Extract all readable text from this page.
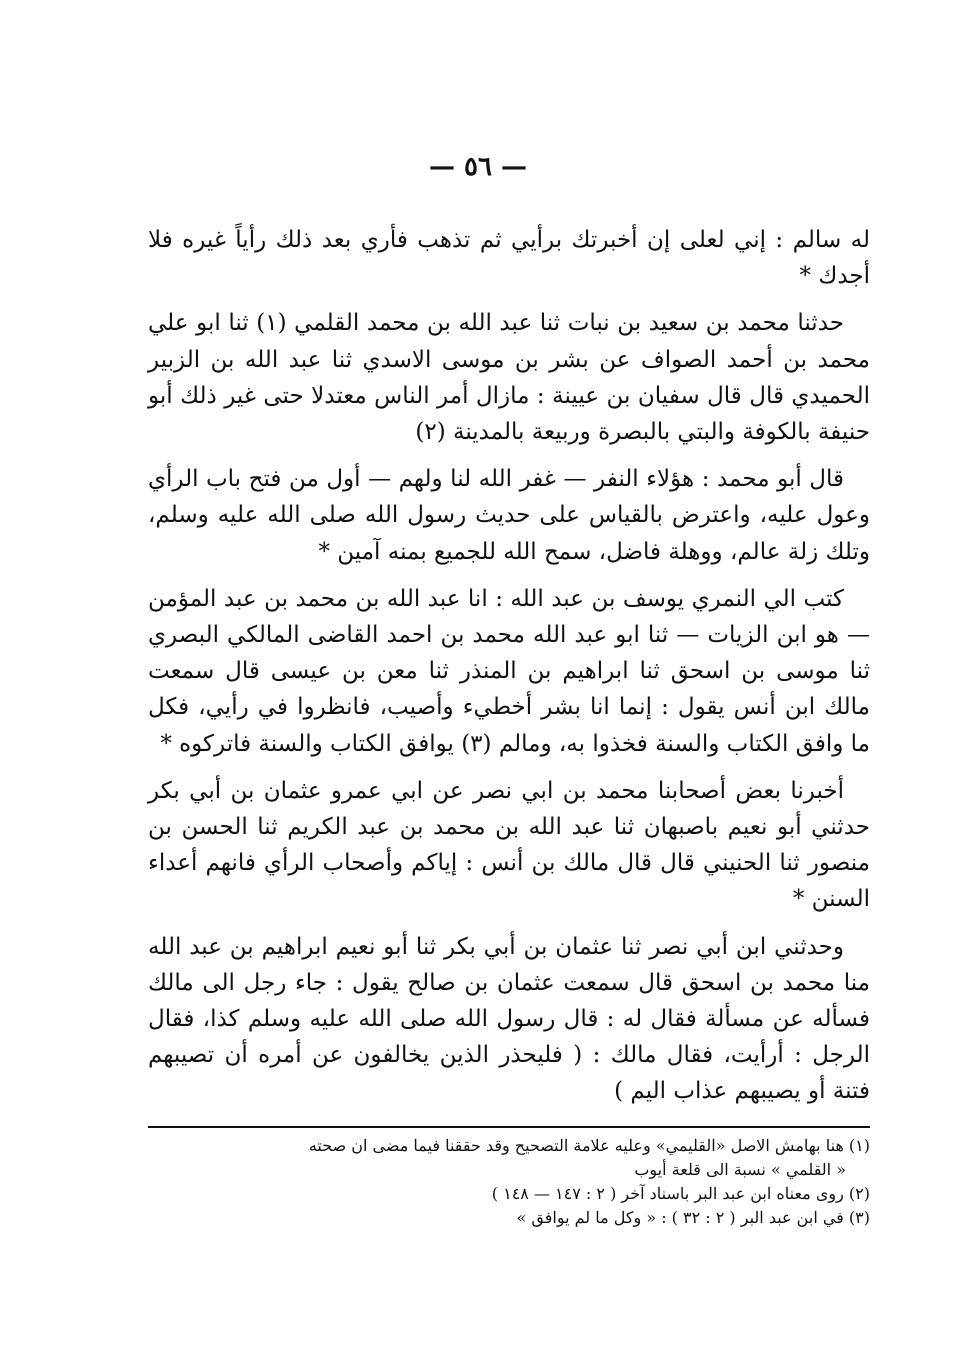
— ٥٦ —

له سالم : إني لعلى إن أخبرتك برأيي ثم تذهب فأري بعد ذلك رأياً غيره فلا أجدك *

حدثنا محمد بن سعيد بن نبات ثنا عبد الله بن محمد القلمي (١) ثنا ابو علي محمد بن أحمد الصواف عن بشر بن موسى الاسدي ثنا عبد الله بن الزبير الحميدي قال قال سفيان بن عيينة : مازال أمر الناس معتدلا حتى غير ذلك أبو حنيفة بالكوفة والبتي بالبصرة وربيعة بالمدينة (٢)

قال أبو محمد : هؤلاء النفر — غفر الله لنا ولهم — أول من فتح باب الرأي وعول عليه، واعترض بالقياس على حديث رسول الله صلى الله عليه وسلم، وتلك زلة عالم، ووهلة فاضل، سمح الله للجميع بمنه آمين *

كتب الي النمري يوسف بن عبد الله : انا عبد الله بن محمد بن عبد المؤمن — هو ابن الزيات — ثنا ابو عبد الله محمد بن احمد القاضى المالكي البصري ثنا موسى بن اسحق ثنا ابراهيم بن المنذر ثنا معن بن عيسى قال سمعت مالك ابن أنس يقول : إنما انا بشر أخطيء وأصيب، فانظروا في رأيي، فكل ما وافق الكتاب والسنة فخذوا به، ومالم (٣) يوافق الكتاب والسنة فاتركوه *

أخبرنا بعض أصحابنا محمد بن ابي نصر عن ابي عمرو عثمان بن أبي بكر حدثني أبو نعيم باصبهان ثنا عبد الله بن محمد بن عبد الكريم ثنا الحسن بن منصور ثنا الحنيني قال قال مالك بن أنس : إياكم وأصحاب الرأي فانهم أعداء السنن *

وحدثني ابن أبي نصر ثنا عثمان بن أبي بكر ثنا أبو نعيم ابراهيم بن عبد الله منا محمد بن اسحق قال سمعت عثمان بن صالح يقول : جاء رجل الى مالك فسأله عن مسألة فقال له : قال رسول الله صلى الله عليه وسلم كذا، فقال الرجل : أرأيت، فقال مالك : ( فليحذر الذين يخالفون عن أمره أن تصيبهم فتنة أو يصيبهم عذاب اليم )

(١) هنا بهامش الاصل «القليمي» وعليه علامة التصحيح وقد حققنا فيما مضى ان صحته

« القلمي » نسبة الى قلعة أيوب

(٢) روى معناه ابن عبد البر باسناد آخر ( ٢ : ١٤٧ — ١٤٨ )

(٣) في ابن عبد البر ( ٢ : ٣٢ ) : « وكل ما لم يوافق »
